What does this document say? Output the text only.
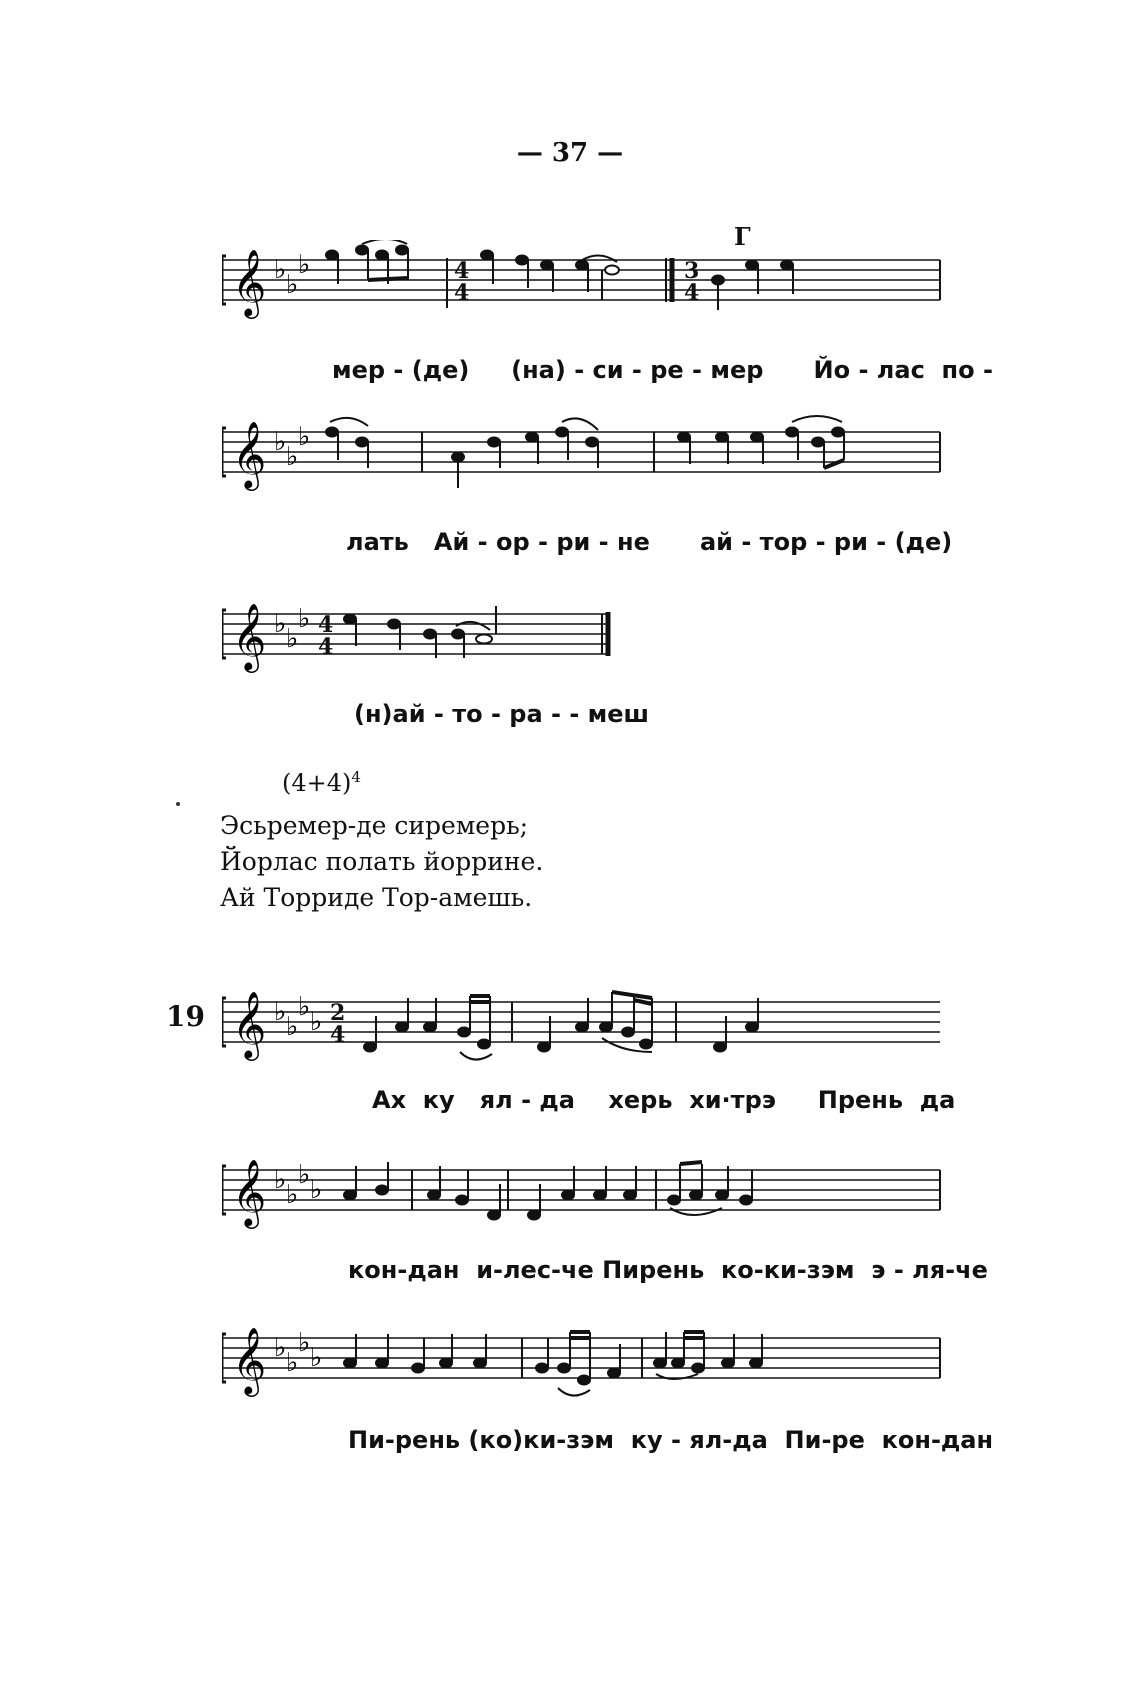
— 37 —
Г
𝄞 ♭ ♭
♭	4
4
3
4
мер - (де)     (на) - си - ре - мер      Йо - лас  по -
𝄞 ♭ ♭
♭
лать   Ай - ор - ри - не      ай - тор - ри - (де)
𝄞 ♭ ♭
♭ 4
4
(н)ай - то - ра - - меш
$(4+4)^4$
Эсьремер-де сиремерь;
Йорлас полать йоррине.
Ай Торриде Тор-амешь.
19 𝄞 ♭ ♭
♭ ♭ 2
4
Ах  ку   ял - да    херь  хи·трэ     Прень  да
𝄞 ♭ ♭
♭ ♭
кон-дан  и-лес-че Пирень  ко-ки-зэм  э - ля-чe
𝄞 ♭ ♭
♭ ♭
Пи-рень (ко)ки-зэм  ку - ял-да  Пи-ре  кон-дан
